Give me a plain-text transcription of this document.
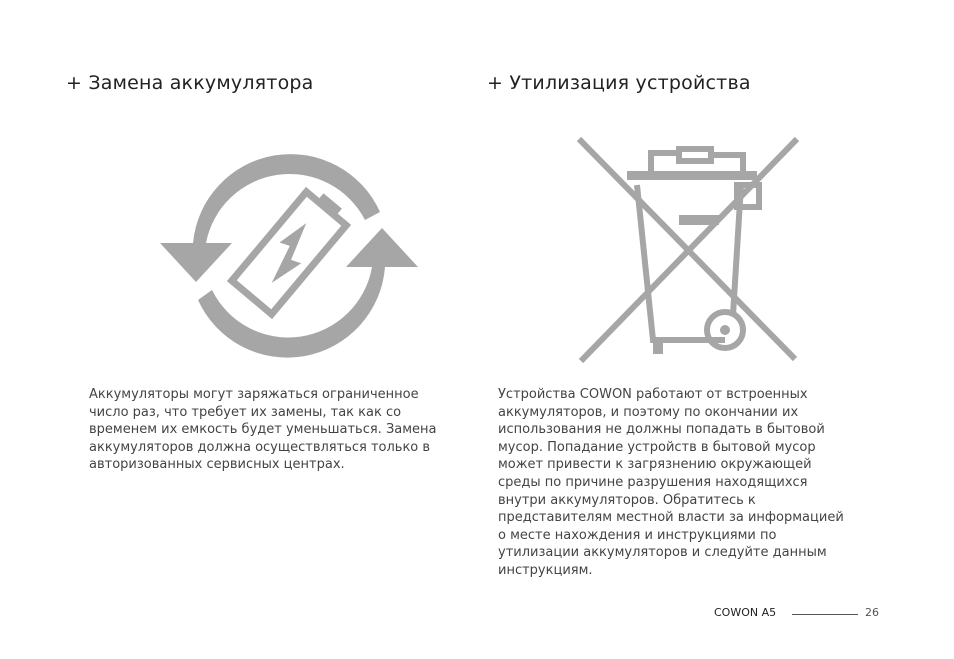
+ Замена аккумулятора	+ Утилизация устройства
Аккумуляторы могут заряжаться ограниченное
число раз, что требует их замены, так как со
временем их емкость будет уменьшаться. Замена
аккумуляторов должна осуществляться только в
авторизованных сервисных центрах.
Устройства COWON работают от встроенных
аккумуляторов, и поэтому по окончании их
использования не должны попадать в бытовой
мусор. Попадание устройств в бытовой мусор
может привести к загрязнению окружающей
среды по причине разрушения находящихся
внутри аккумуляторов. Обратитесь к
представителям местной власти за информацией
о месте нахождения и инструкциями по
утилизации аккумуляторов и следуйте данным
инструкциям.
COWON A5	26
